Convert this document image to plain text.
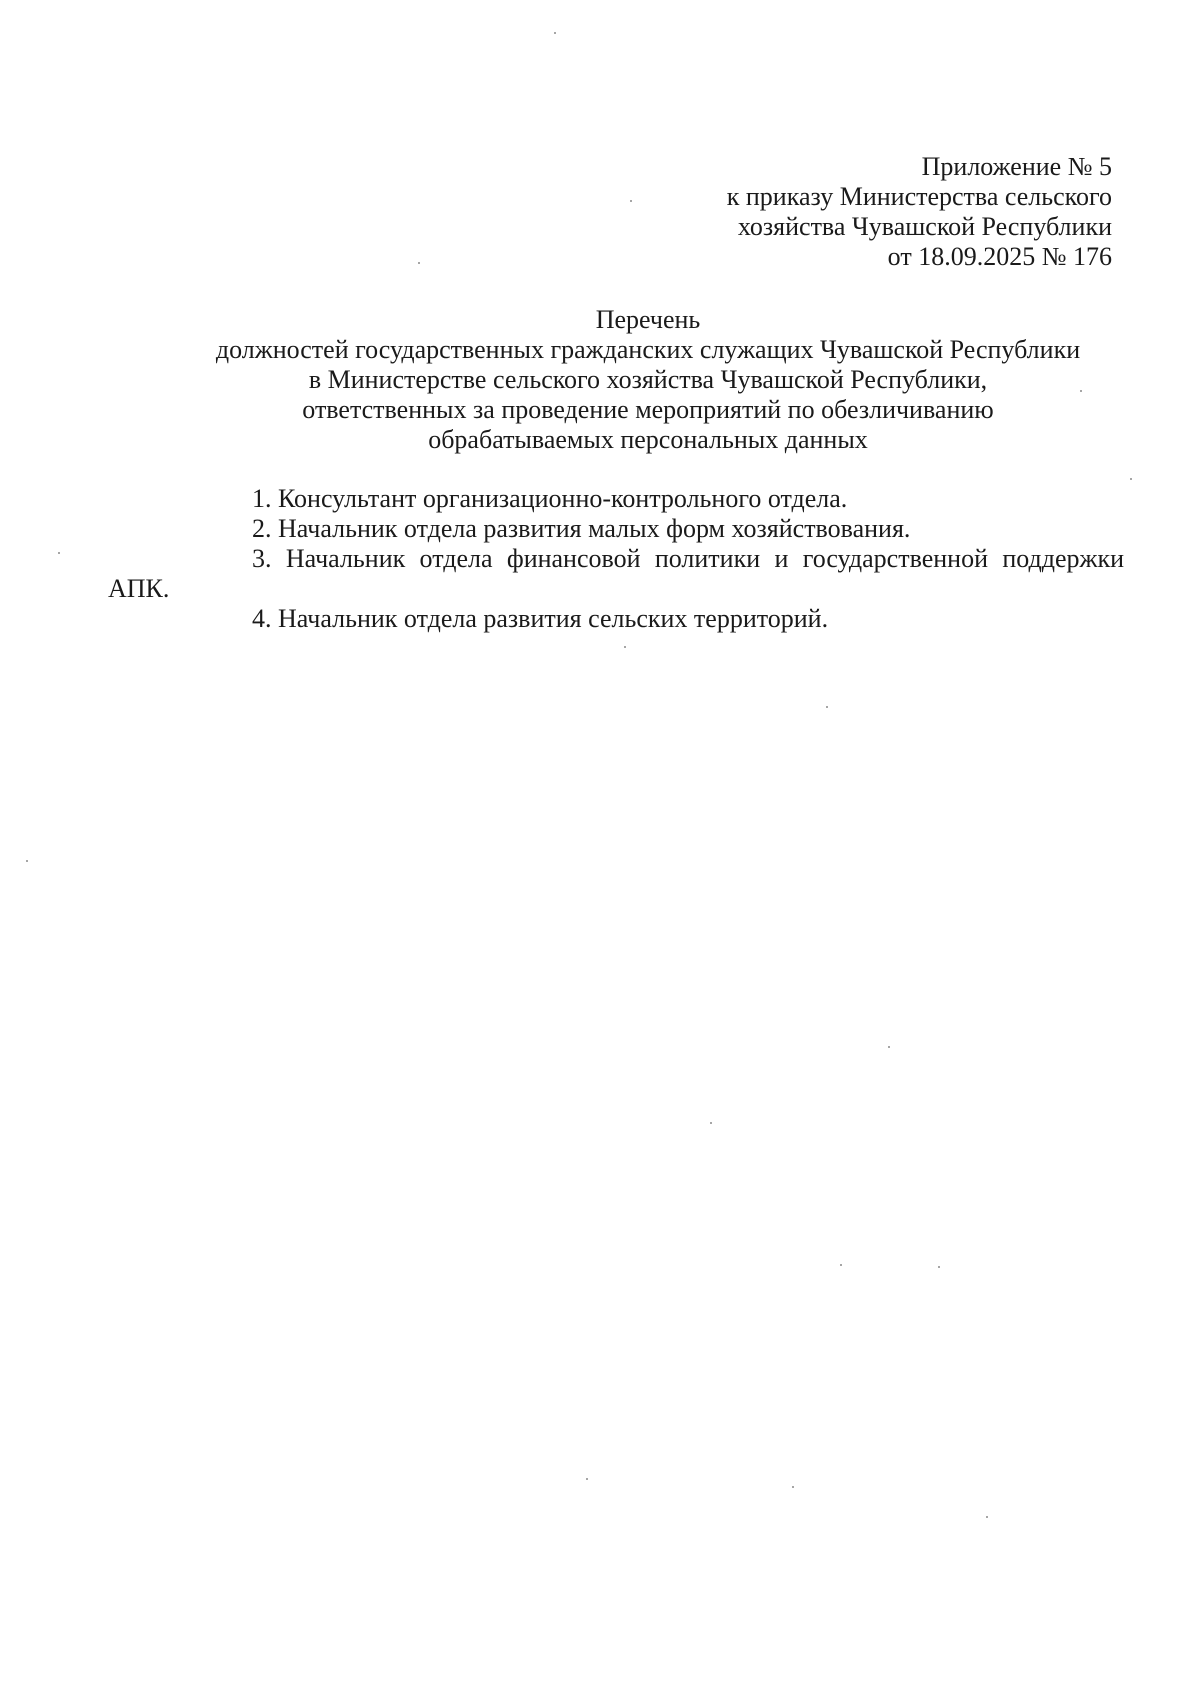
Приложение № 5
к приказу Министерства сельского
хозяйства Чувашской Республики
от 18.09.2025 № 176
Перечень
должностей государственных гражданских служащих Чувашской Республики
в Министерстве сельского хозяйства Чувашской Республики,
ответственных за проведение мероприятий по обезличиванию
обрабатываемых персональных данных

1. Консультант организационно-контрольного отдела.

2. Начальник отдела развития малых форм хозяйствования.

3. Начальник отдела финансовой политики и государственной поддержки
АПК.

4. Начальник отдела развития сельских территорий.
